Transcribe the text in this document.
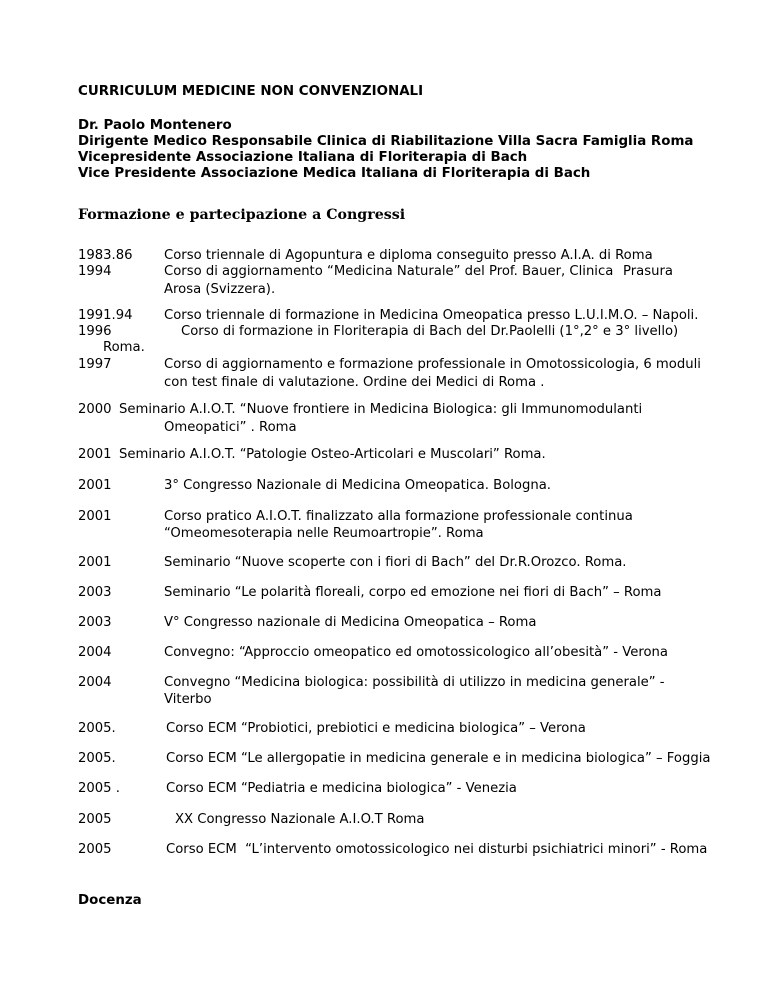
CURRICULUM MEDICINE NON CONVENZIONALI
Dr. Paolo Montenero
Dirigente Medico Responsabile Clinica di Riabilitazione Villa Sacra Famiglia Roma
Vicepresidente Associazione Italiana di Floriterapia di Bach
Vice Presidente Associazione Medica Italiana di Floriterapia di Bach
Formazione e partecipazione a Congressi
1983.86 Corso triennale di Agopuntura e diploma conseguito presso A.I.A. di Roma
1994	Corso di aggiornamento “Medicina Naturale” del Prof. Bauer, Clinica Prasura
Arosa (Svizzera).
1991.94 Corso triennale di formazione in Medicina Omeopatica presso L.U.I.M.O. – Napoli.
1996	Corso di formazione in Floriterapia di Bach del Dr.Paolelli (1°,2° e 3° livello)
Roma.
1997	Corso di aggiornamento e formazione professionale in Omotossicologia, 6 moduli
con test finale di valutazione. Ordine dei Medici di Roma .
2000 Seminario A.I.O.T. “Nuove frontiere in Medicina Biologica: gli Immunomodulanti
Omeopatici” . Roma
2001 Seminario A.I.O.T. “Patologie Osteo-Articolari e Muscolari” Roma.
2001	3° Congresso Nazionale di Medicina Omeopatica. Bologna.
2001	Corso pratico A.I.O.T. finalizzato alla formazione professionale continua
“Omeomesoterapia nelle Reumoartropie”. Roma
2001	Seminario “Nuove scoperte con i fiori di Bach” del Dr.R.Orozco. Roma.
2003	Seminario “Le polarità floreali, corpo ed emozione nei fiori di Bach” – Roma
2003	V° Congresso nazionale di Medicina Omeopatica – Roma
2004	Convegno: “Approccio omeopatico ed omotossicologico all’obesità” - Verona
2004	Convegno “Medicina biologica: possibilità di utilizzo in medicina generale” -
Viterbo
2005.	Corso ECM “Probiotici, prebiotici e medicina biologica” – Verona
2005.	Corso ECM “Le allergopatie in medicina generale e in medicina biologica” – Foggia
2005 .	Corso ECM “Pediatria e medicina biologica” - Venezia
2005	XX Congresso Nazionale A.I.O.T Roma
2005	Corso ECM  “L’intervento omotossicologico nei disturbi psichiatrici minori” - Roma
Docenza
